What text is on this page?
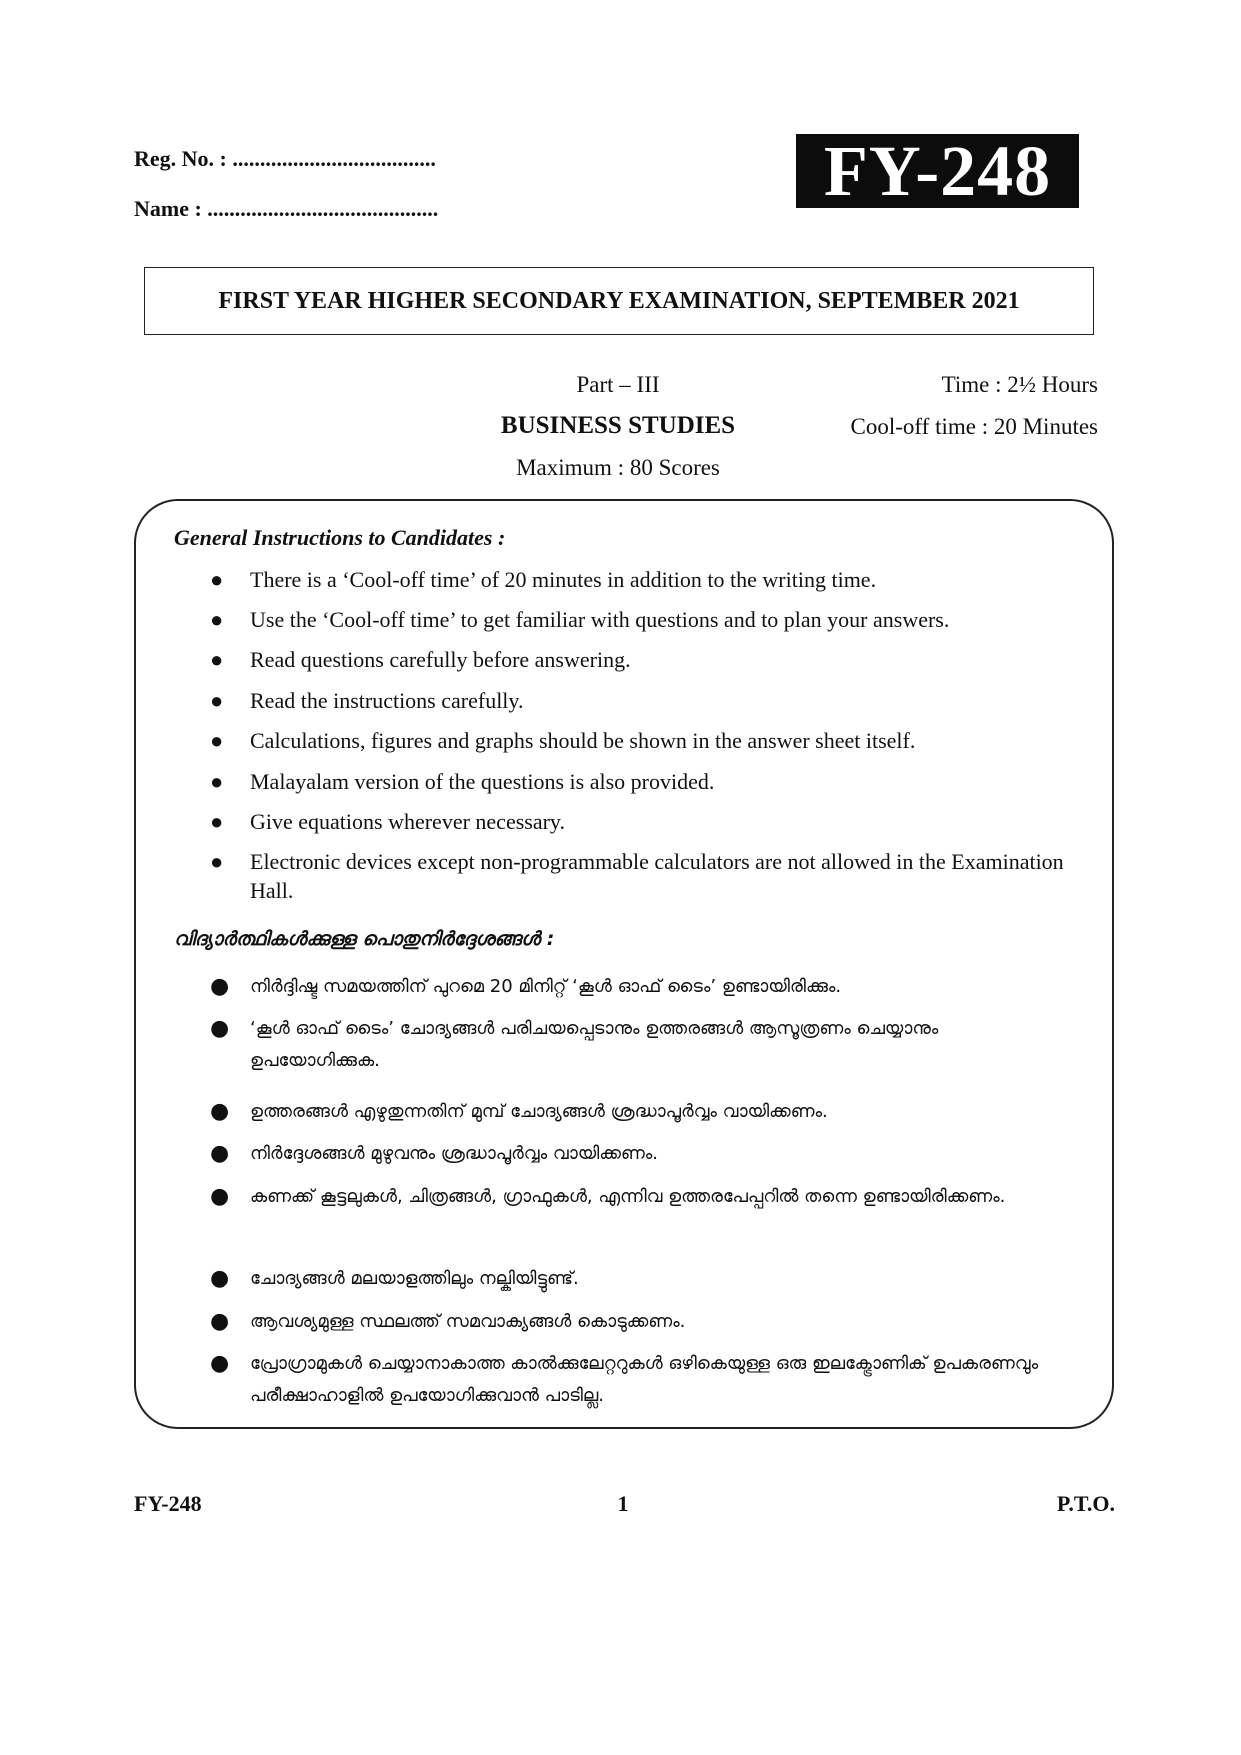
Reg. No. : .....................................
Name : ..........................................	FY-248
FIRST YEAR HIGHER SECONDARY EXAMINATION, SEPTEMBER 2021
Part – III
BUSINESS STUDIES
Maximum : 80 Scores
Time : 2½ Hours
Cool-off time : 20 Minutes
General Instructions to Candidates :
● There is a ‘Cool-off time’ of 20 minutes in addition to the writing time.
● Use the ‘Cool-off time’ to get familiar with questions and to plan your answers.
● Read questions carefully before answering.
● Read the instructions carefully.
● Calculations, figures and graphs should be shown in the answer sheet itself.
● Malayalam version of the questions is also provided.
● Give equations wherever necessary.
● Electronic devices except non-programmable calculators are not allowed in the Examination Hall.
വിദ്യാർത്ഥികൾക്കുള്ള പൊതുനിർദ്ദേശങ്ങൾ :
● നിർദ്ദിഷ്ട സമയത്തിന് പുറമെ 20 മിനിറ്റ് ‘കൂൾ ഓഫ് ടൈം’ ഉണ്ടായിരിക്കും.
● ‘കൂൾ ഓഫ് ടൈം’ ചോദ്യങ്ങൾ പരിചയപ്പെടാനും ഉത്തരങ്ങൾ ആസൂത്രണം ചെയ്യാനും ഉപയോഗിക്കുക.
● ഉത്തരങ്ങൾ എഴുതുന്നതിന് മുമ്പ് ചോദ്യങ്ങൾ ശ്രദ്ധാപൂർവ്വം വായിക്കണം.
● നിർദ്ദേശങ്ങൾ മുഴുവനും ശ്രദ്ധാപൂർവ്വം വായിക്കണം.
● കണക്ക് കൂട്ടലുകൾ, ചിത്രങ്ങൾ, ഗ്രാഫുകൾ, എന്നിവ ഉത്തരപേപ്പറിൽ തന്നെ ഉണ്ടായിരിക്കണം.
● ചോദ്യങ്ങൾ മലയാളത്തിലും നല്കിയിട്ടുണ്ട്.
● ആവശ്യമുള്ള സ്ഥലത്ത് സമവാക്യങ്ങൾ കൊടുക്കണം.
● പ്രോഗ്രാമുകൾ ചെയ്യാനാകാത്ത കാൽക്കുലേറ്ററുകൾ ഒഴികെയുള്ള ഒരു ഇലക്ട്രോണിക് ഉപകരണവും പരീക്ഷാഹാളിൽ ഉപയോഗിക്കുവാൻ പാടില്ല.
FY-248	1	P.T.O.
